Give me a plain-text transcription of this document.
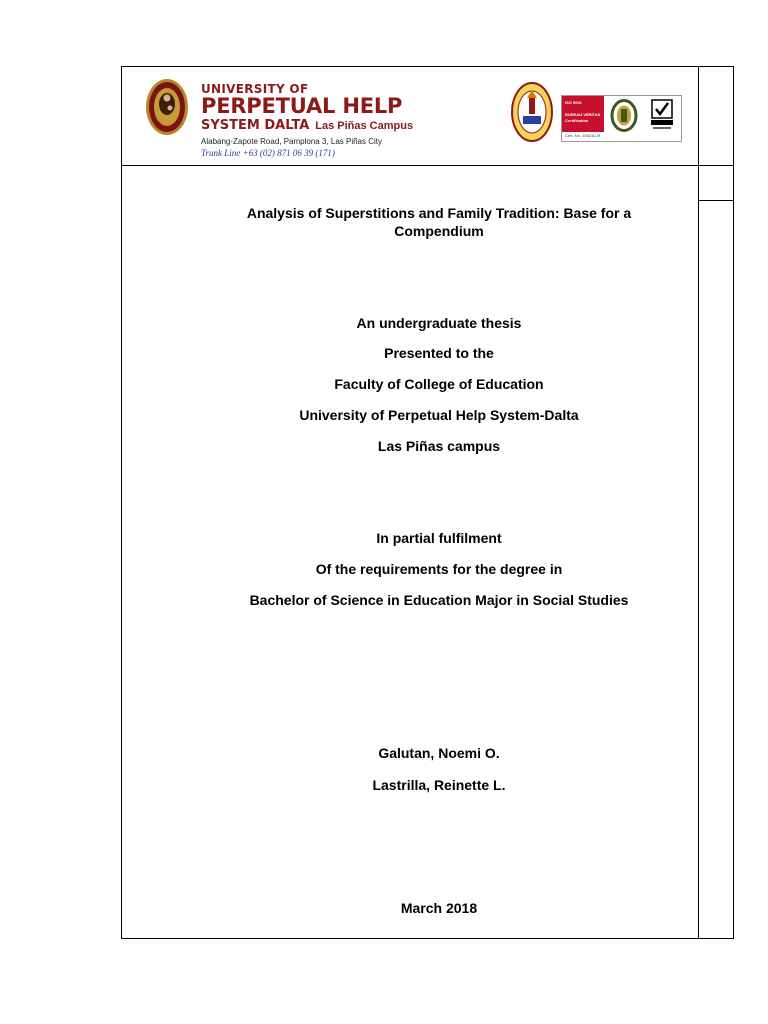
UNIVERSITY OF
PERPETUAL HELP
SYSTEM DALTA Las Piñas Campus
Alabang-Zapote Road, Pamplona 3, Las Piñas City
Trunk Line +63 (02) 871 06 39 (171)
ISO 9001
BUREAU VERITAS
Certification
Cert. No. 10021U-R
Analysis of Superstitions and Family Tradition: Base for a
Compendium
An undergraduate thesis
Presented to the
Faculty of College of Education
University of Perpetual Help System-Dalta
Las Piñas campus
In partial fulfilment
Of the requirements for the degree in
Bachelor of Science in Education Major in Social Studies
Galutan, Noemi O.
Lastrilla, Reinette L.
March 2018
